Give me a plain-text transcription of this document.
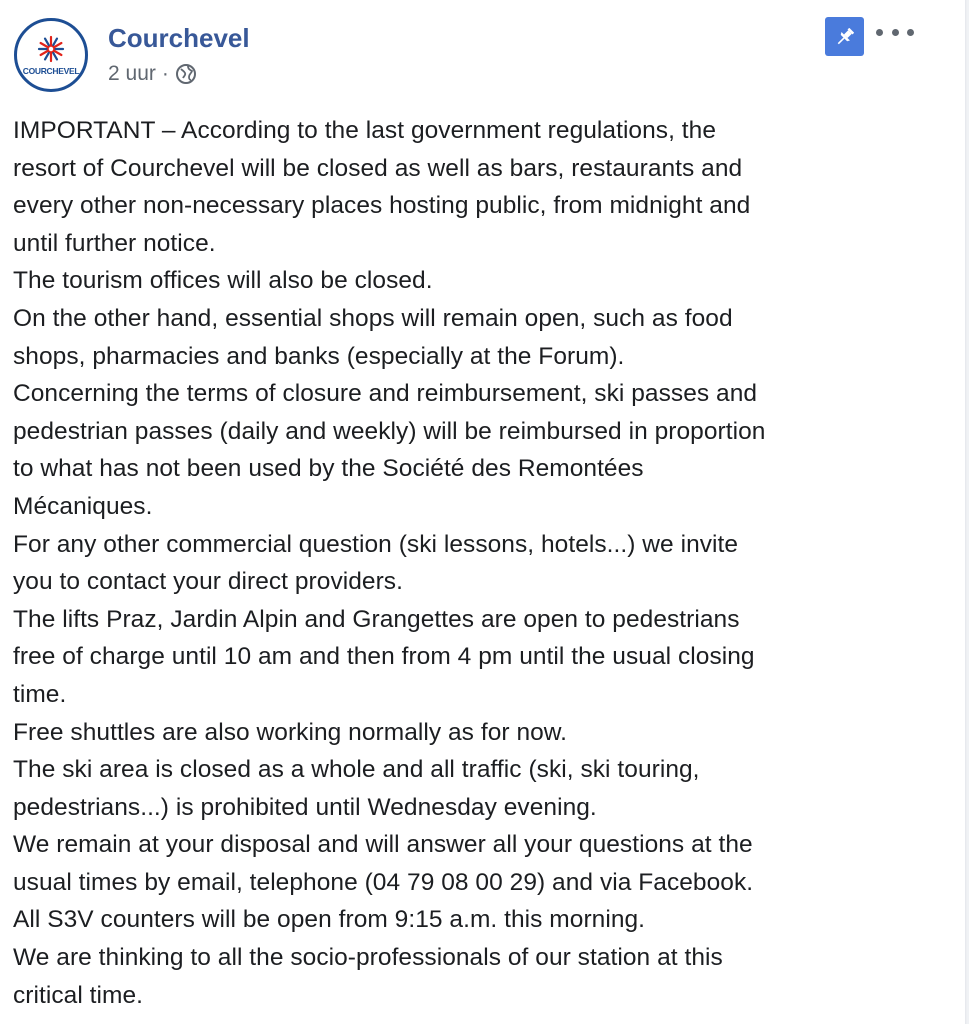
COURCHEVEL
Courchevel
2 uur ·

IMPORTANT – According to the last government regulations, the

resort of Courchevel will be closed as well as bars, restaurants and

every other non-necessary places hosting public, from midnight and

until further notice.

The tourism offices will also be closed.

On the other hand, essential shops will remain open, such as food

shops, pharmacies and banks (especially at the Forum).

Concerning the terms of closure and reimbursement, ski passes and

pedestrian passes (daily and weekly) will be reimbursed in proportion

to what has not been used by the Société des Remontées

Mécaniques.

For any other commercial question (ski lessons, hotels...) we invite

you to contact your direct providers.

The lifts Praz, Jardin Alpin and Grangettes are open to pedestrians

free of charge until 10 am and then from 4 pm until the usual closing

time.

Free shuttles are also working normally as for now.

The ski area is closed as a whole and all traffic (ski, ski touring,

pedestrians...) is prohibited until Wednesday evening.

We remain at your disposal and will answer all your questions at the

usual times by email, telephone (04 79 08 00 29) and via Facebook.

All S3V counters will be open from 9:15 a.m. this morning.

We are thinking to all the socio-professionals of our station at this

critical time.
